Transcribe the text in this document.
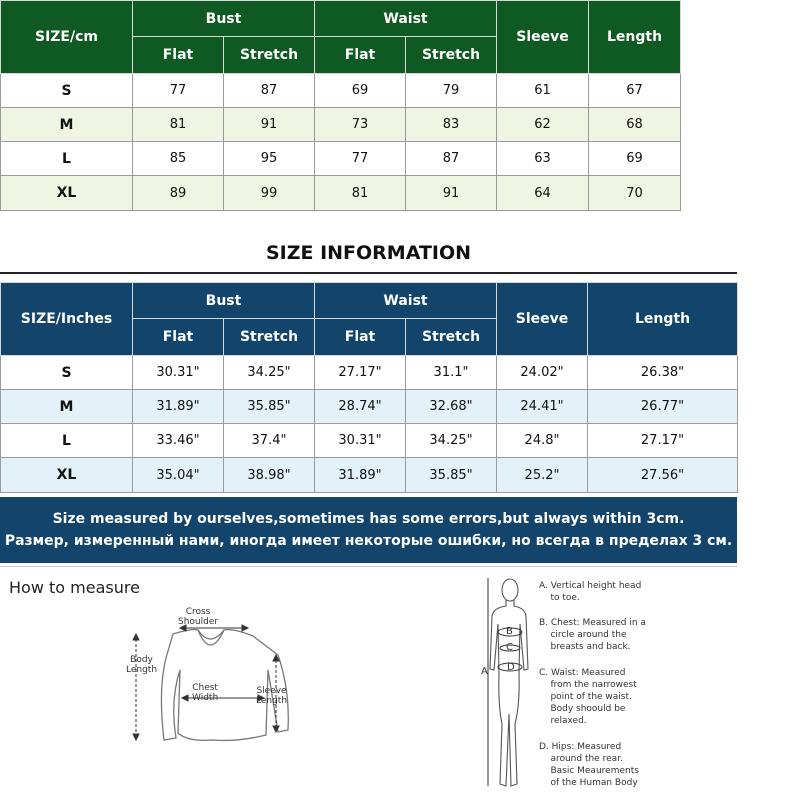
SIZE/cm	Bust		Waist		Sleeve	Length
	Flat	Stretch	Flat	Stretch		
S	77	87	69	79	61	67
M	81	91	73	83	62	68
L	85	95	77	87	63	69
XL	89	99	81	91	64	70
SIZE INFORMATION
SIZE/Inches	Bust		Waist		Sleeve	Length
	Flat	Stretch	Flat	Stretch		
S	30.31"	34.25"	27.17"	31.1"	24.02"	26.38"
M	31.89"	35.85"	28.74"	32.68"	24.41"	26.77"
L	33.46"	37.4"	30.31"	34.25"	24.8"	27.17"
XL	35.04"	38.98"	31.89"	35.85"	25.2"	27.56"
Size measured by ourselves,sometimes has some errors,but always within 3cm.
Размер, измеренный нами, иногда имеет некоторые ошибки, но всегда в пределах 3 см.
How to measure
Cross
Shoulder
Body
Length
Chest
Width
Sleeve
Length
A
B
C
D
A. Vertical height head
to toe.
B. Chest: Measured in a
circle around the
breasts and back.
C. Waist: Measured
from the narrowest
point of the waist.
Body shoould be
relaxed.
D. Hips: Measured
around the rear.
Basic Meaurements
of the Human Body
